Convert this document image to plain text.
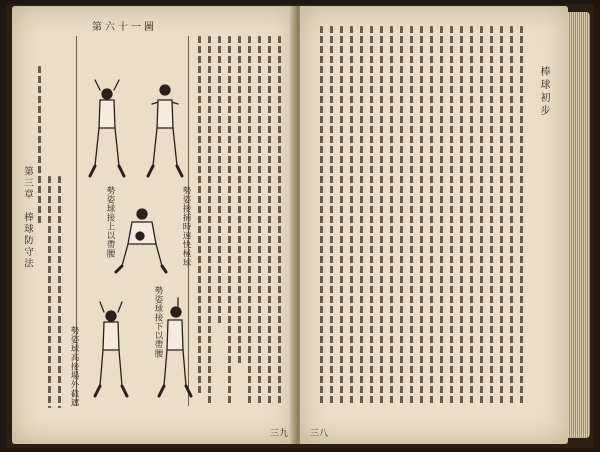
第六十一圖
第三章　棒球防守法
三九
勢姿接捕時速快極球
勢姿球接上以帶腰
勢姿球接下以帶腰
勢姿球高接場外截遮
棒球初步
三八
